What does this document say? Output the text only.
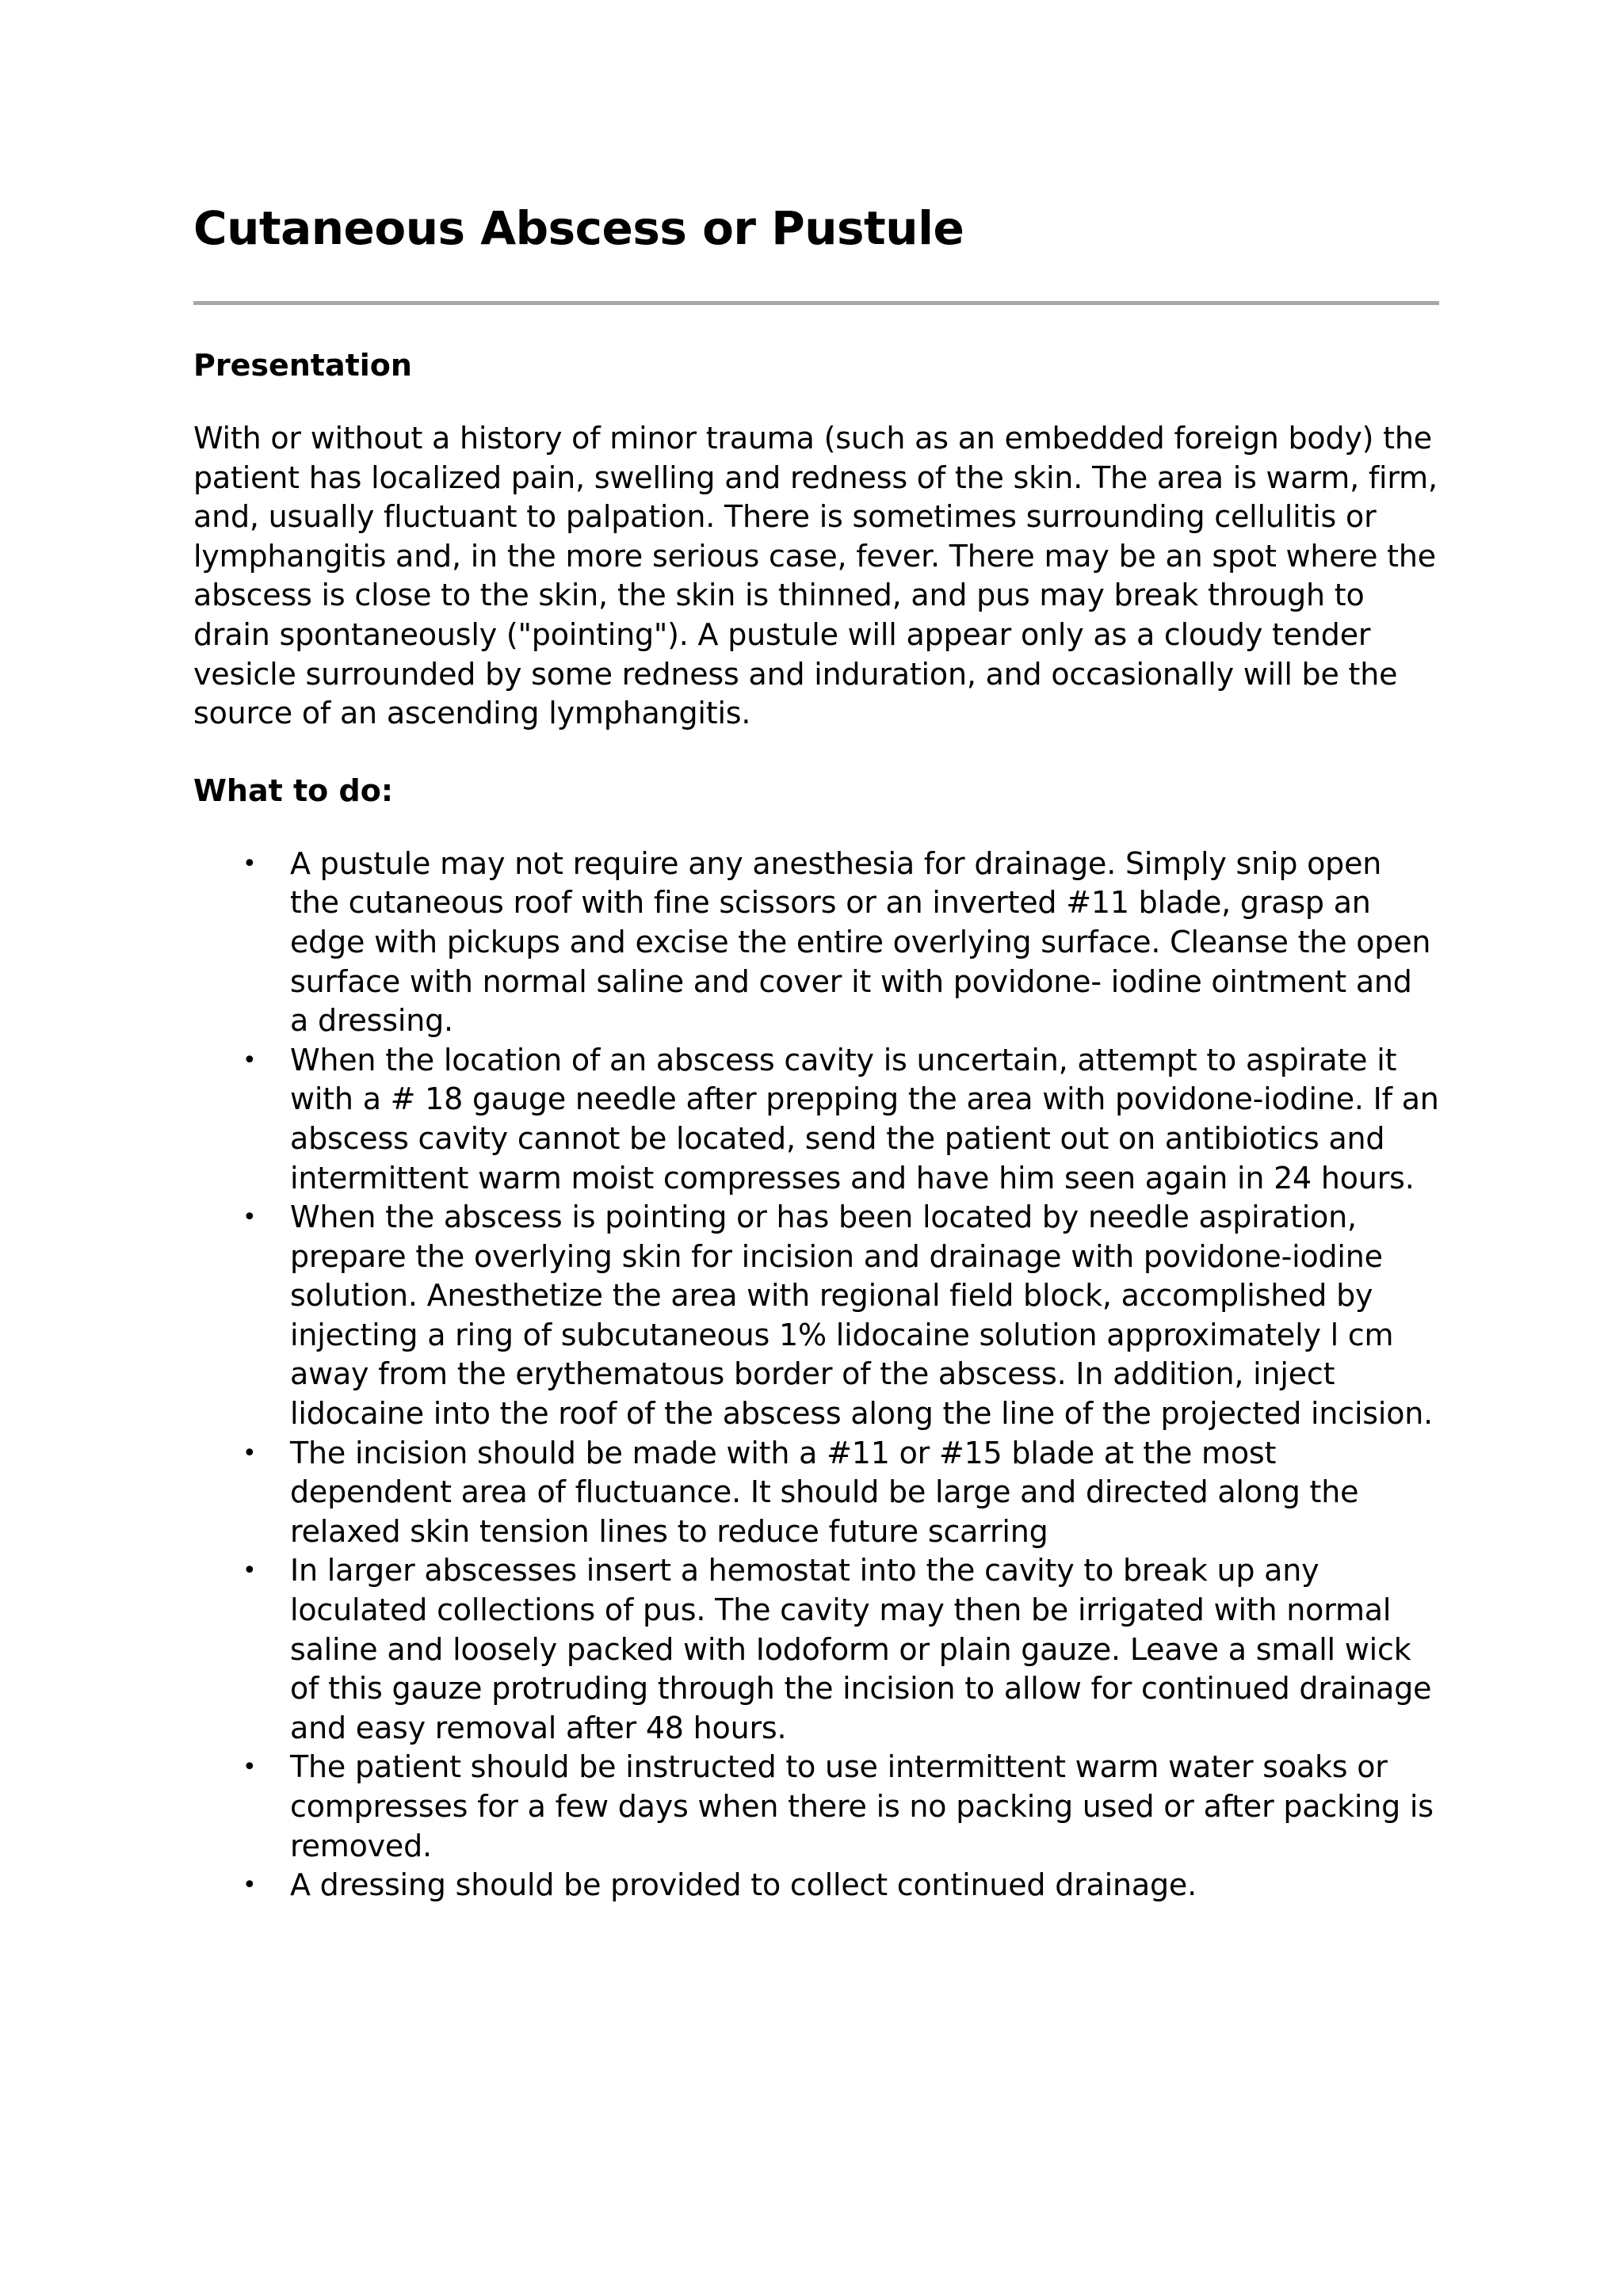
Cutaneous Abscess or Pustule
Presentation

With or without a history of minor trauma (such as an embedded foreign body) the patient has localized pain, swelling and redness of the skin. The area is warm, firm, and, usually fluctuant to palpation. There is sometimes surrounding cellulitis or lymphangitis and, in the more serious case, fever. There may be an spot where the abscess is close to the skin, the skin is thinned, and pus may break through to drain spontaneously ("pointing"). A pustule will appear only as a cloudy tender vesicle surrounded by some redness and induration, and occasionally will be the source of an ascending lymphangitis.

What to do:
• A pustule may not require any anesthesia for drainage. Simply snip open the cutaneous roof with fine scissors or an inverted #11 blade, grasp an edge with pickups and excise the entire overlying surface. Cleanse the open surface with normal saline and cover it with povidone- iodine ointment and a dressing.
• When the location of an abscess cavity is uncertain, attempt to aspirate it with a # 18 gauge needle after prepping the area with povidone-iodine. If an abscess cavity cannot be located, send the patient out on antibiotics and intermittent warm moist compresses and have him seen again in 24 hours.
• When the abscess is pointing or has been located by needle aspiration, prepare the overlying skin for incision and drainage with povidone-iodine solution. Anesthetize the area with regional field block, accomplished by injecting a ring of subcutaneous 1% lidocaine solution approximately l cm away from the erythematous border of the abscess. In addition, inject lidocaine into the roof of the abscess along the line of the projected incision.
• The incision should be made with a #11 or #15 blade at the most dependent area of fluctuance. It should be large and directed along the relaxed skin tension lines to reduce future scarring
• In larger abscesses insert a hemostat into the cavity to break up any loculated collections of pus. The cavity may then be irrigated with normal saline and loosely packed with Iodoform or plain gauze. Leave a small wick of this gauze protruding through the incision to allow for continued drainage and easy removal after 48 hours.
• The patient should be instructed to use intermittent warm water soaks or compresses for a few days when there is no packing used or after packing is removed.
• A dressing should be provided to collect continued drainage.
